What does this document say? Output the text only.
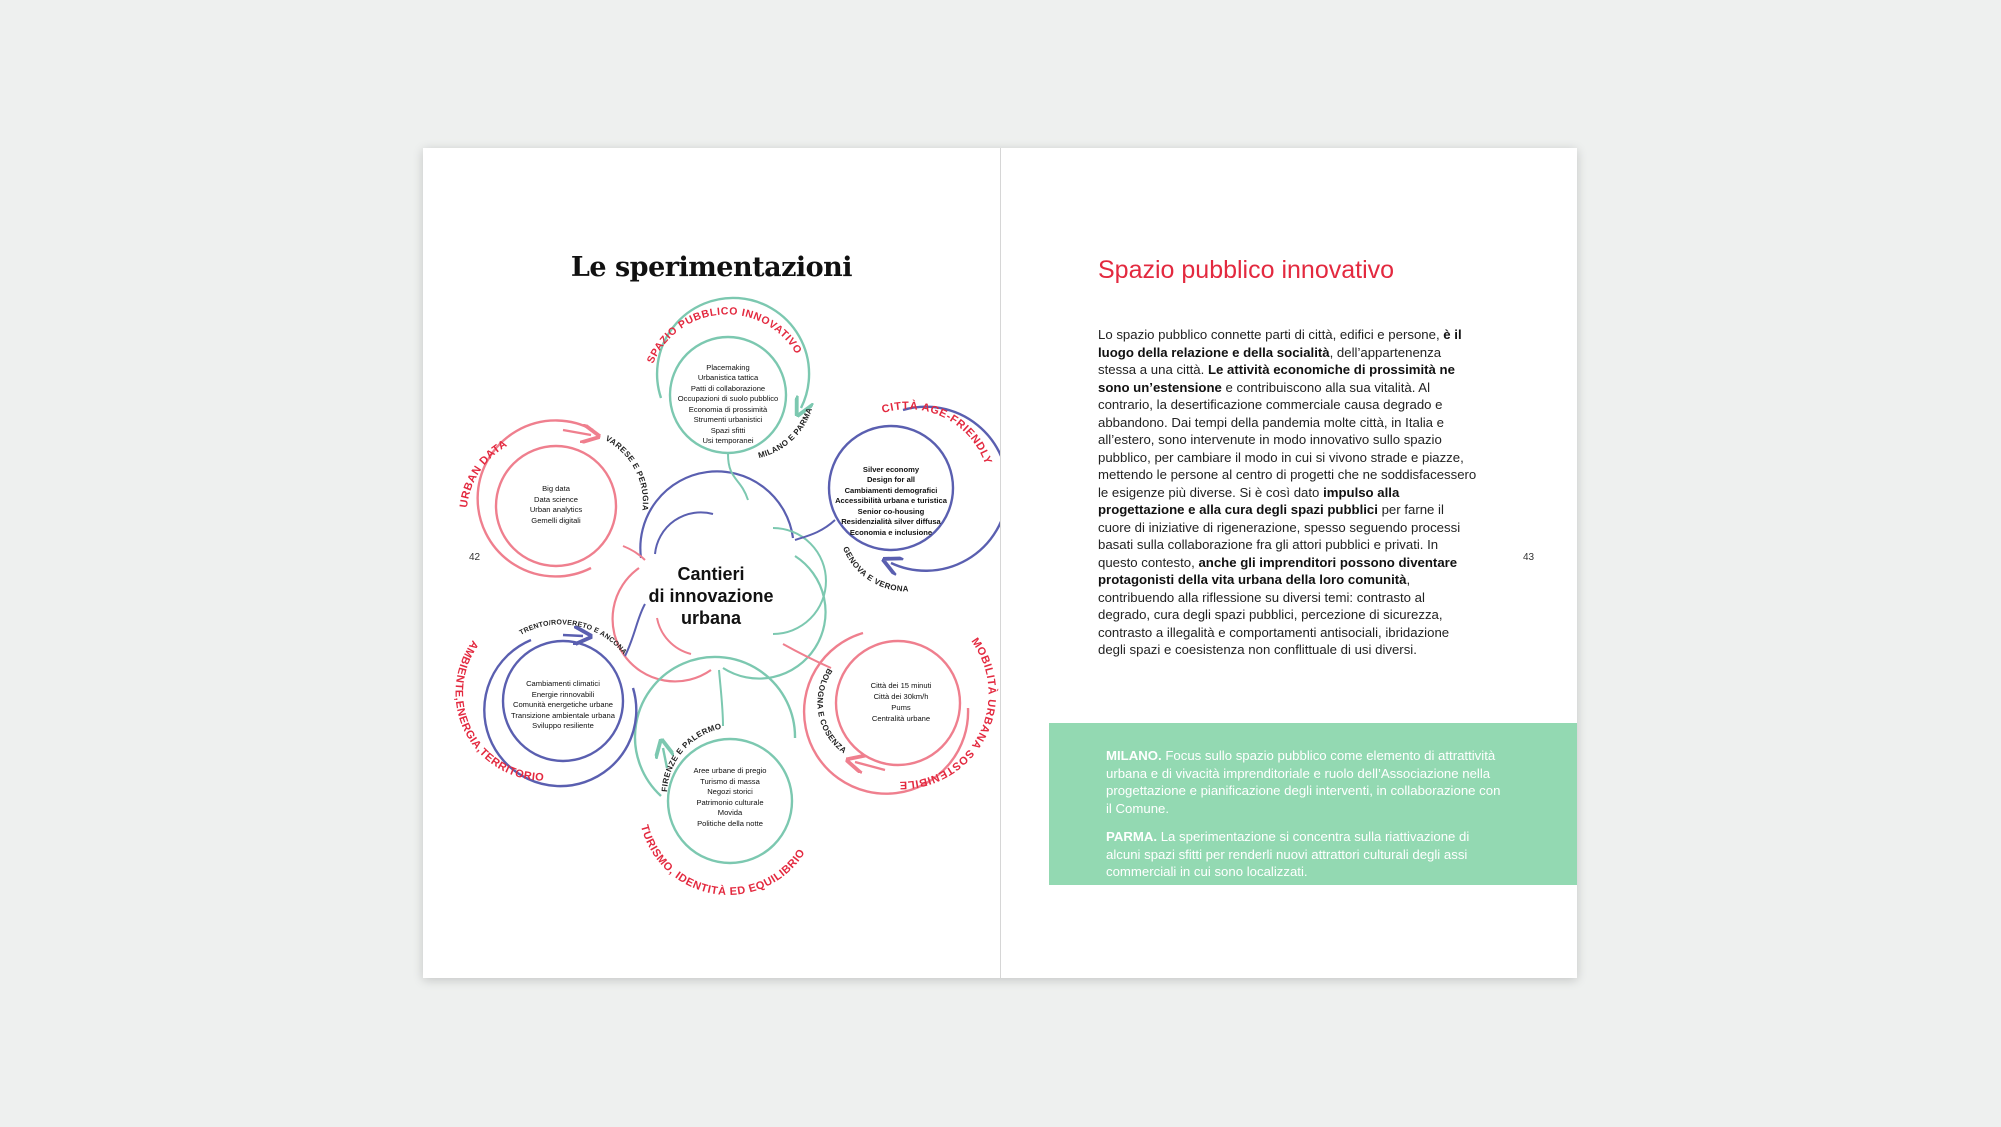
Le sperimentazioni
Cantieri
di innovazione
urbana
SPAZIO PUBBLICO INNOVATIVO
MILANO E PARMA
Placemaking
Urbanistica tattica
Patti di collaborazione
Occupazioni di suolo pubblico
Economia di prossimità
Strumenti urbanistici
Spazi sfitti
Usi temporanei
CITTÀ AGE-FRIENDLY
GENOVA E VERONA
Silver economy
Design for all
Cambiamenti demografici
Accessibilità urbana e turistica
Senior co-housing
Residenzialità silver diffusa
Economia e inclusione
MOBILITÀ URBANA SOSTENIBILE
BOLOGNA E COSENZA
Città dei 15 minuti
Città dei 30km/h
Pums
Centralità urbane
TURISMO, IDENTITÀ ED EQUILIBRIO
FIRENZE E PALERMO
Aree urbane di pregio
Turismo di massa
Negozi storici
Patrimonio culturale
Movida
Politiche della notte
AMBIENTE,ENERGIA,TERRITORIO
TRENTO/ROVERETO E ANCONA
Cambiamenti climatici
Energie rinnovabili
Comunità energetiche urbane
Transizione ambientale urbana
Sviluppo resiliente
URBAN DATA	VARESE E PERUGIA
Big data
Data science
Urban analytics
Gemelli digitali
42
Spazio pubblico innovativo

Lo spazio pubblico connette parti di città, edifici e persone, è il luogo della relazione e della socialità, dell’appartenenza stessa a una città. Le attività economiche di prossimità ne sono un’estensione e contribuiscono alla sua vitalità. Al contrario, la desertificazione commerciale causa degrado e abbandono. Dai tempi della pandemia molte città, in Italia e all’estero, sono intervenute in modo innovativo sullo spazio pubblico, per cambiare il modo in cui si vivono strade e piazze, mettendo le persone al centro di progetti che ne soddisfacessero le esigenze più diverse. Si è così dato impulso alla progettazione e alla cura degli spazi pubblici per farne il cuore di iniziative di rigenerazione, spesso seguendo processi basati sulla collaborazione fra gli attori pubblici e privati. In questo contesto, anche gli imprenditori possono diventare protagonisti della vita urbana della loro comunità, contribuendo alla riflessione su diversi temi: contrasto al degrado, cura degli spazi pubblici, percezione di sicurezza, contrasto a illegalità e comportamenti antisociali, ibridazione degli spazi e coesistenza non conflittuale di usi diversi.

43

MILANO. Focus sullo spazio pubblico come elemento di attrattività urbana e di vivacità imprenditoriale e ruolo dell’Associazione nella progettazione e pianificazione degli interventi, in collaborazione con il Comune.

PARMA. La sperimentazione si concentra sulla riattivazione di alcuni spazi sfitti per renderli nuovi attrattori culturali degli assi commerciali in cui sono localizzati.
